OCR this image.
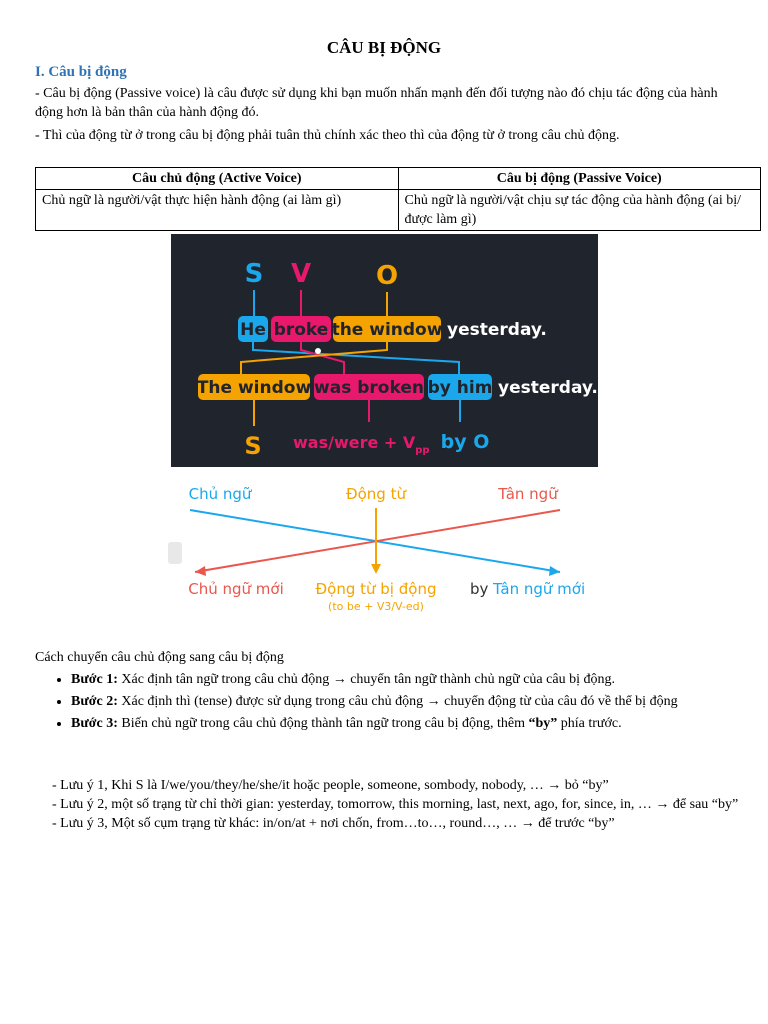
CÂU BỊ ĐỘNG
I. Câu bị động
- Câu bị động (Passive voice) là câu được sử dụng khi bạn muốn nhấn mạnh đến đối tượng nào đó chịu tác động của hành động hơn là bản thân của hành động đó.
- Thì của động từ ở trong câu bị động phải tuân thủ chính xác theo thì của động từ ở trong câu chủ động.
Câu chủ động (Active Voice)	Câu bị động (Passive Voice)
Chủ ngữ là người/vật thực hiện hành động (ai làm gì)	Chủ ngữ là người/vật chịu sự tác động của hành động (ai bị/được làm gì)
S V O
He broke the window yesterday.
The window was broken by him yesterday.
S was/were + $V_{pp}$ by O
Chủ ngữ	Động từ	Tân ngữ
Chủ ngữ mới Động từ bị động
(to be + V3/V-ed)
by Tân ngữ mới
Cách chuyển câu chủ động sang câu bị động
• Bước 1: Xác định tân ngữ trong câu chủ động → chuyển tân ngữ thành chủ ngữ của câu bị động.
• Bước 2: Xác định thì (tense) được sử dụng trong câu chủ động → chuyển động từ của câu đó về thể bị động
• Bước 3: Biến chủ ngữ trong câu chủ động thành tân ngữ trong câu bị động, thêm “by” phía trước.
- Lưu ý 1, Khi S là I/we/you/they/he/she/it hoặc people, someone, sombody, nobody, … → bỏ “by”
- Lưu ý 2, một số trạng từ chỉ thời gian: yesterday, tomorrow, this morning, last, next, ago, for, since, in, … → để sau “by”
- Lưu ý 3, Một số cụm trạng từ khác: in/on/at + nơi chốn, from…to…, round…, … → để trước “by”
